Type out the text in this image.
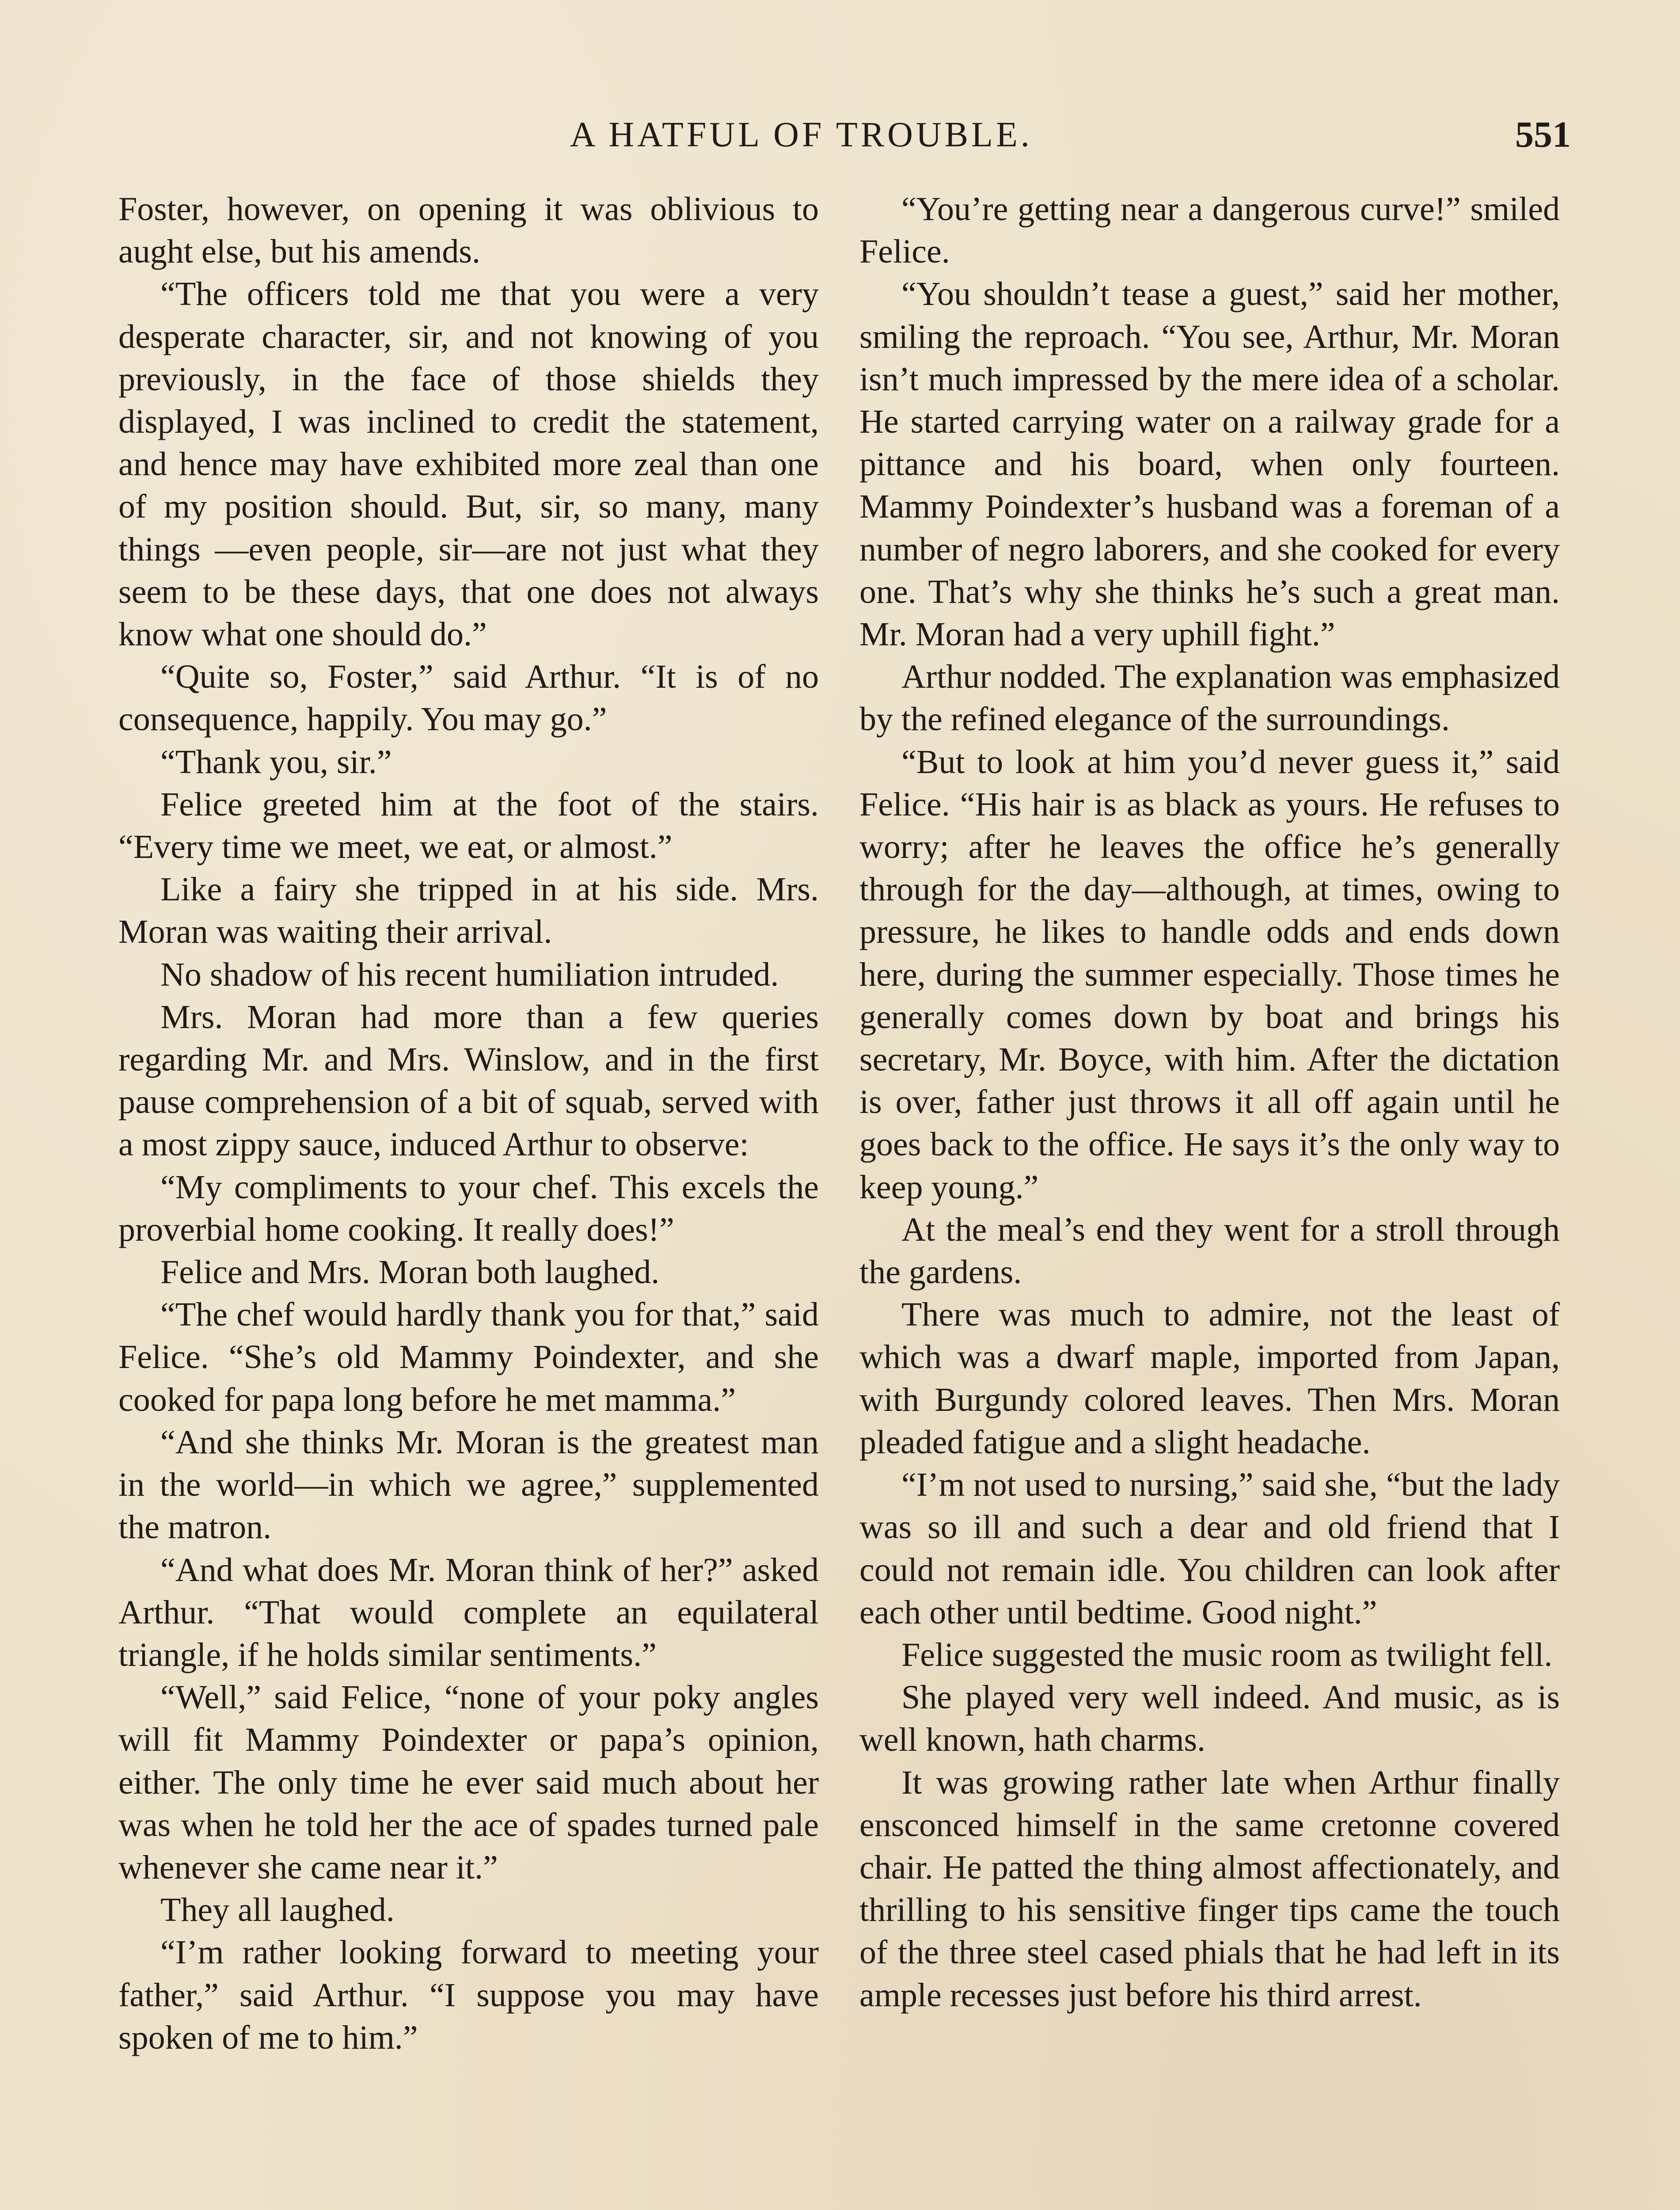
A HATFUL OF TROUBLE.	551

Foster, however, on opening it was oblivious to aught else, but his amends.

“The officers told me that you were a very desperate character, sir, and not knowing of you previously, in the face of those shields they displayed, I was inclined to credit the statement, and hence may have exhibited more zeal than one of my position should. But, sir, so many, many things —even people, sir—are not just what they seem to be these days, that one does not always know what one should do.”

“Quite so, Foster,” said Arthur. “It is of no consequence, happily. You may go.”

“Thank you, sir.”

Felice greeted him at the foot of the stairs. “Every time we meet, we eat, or almost.”

Like a fairy she tripped in at his side. Mrs. Moran was waiting their arrival.

No shadow of his recent humiliation intruded.

Mrs. Moran had more than a few queries regarding Mr. and Mrs. Winslow, and in the first pause comprehension of a bit of squab, served with a most zippy sauce, induced Arthur to observe:

“My compliments to your chef. This excels the proverbial home cooking. It really does!”

Felice and Mrs. Moran both laughed.

“The chef would hardly thank you for that,” said Felice. “She’s old Mammy Poindexter, and she cooked for papa long before he met mamma.”

“And she thinks Mr. Moran is the greatest man in the world—in which we agree,” supplemented the matron.

“And what does Mr. Moran think of her?” asked Arthur. “That would complete an equilateral triangle, if he holds similar sentiments.”

“Well,” said Felice, “none of your poky angles will fit Mammy Poindexter or papa’s opinion, either. The only time he ever said much about her was when he told her the ace of spades turned pale whenever she came near it.”

They all laughed.

“I’m rather looking forward to meeting your father,” said Arthur. “I suppose you may have spoken of me to him.”

“You’re getting near a dangerous curve!” smiled Felice.

“You shouldn’t tease a guest,” said her mother, smiling the reproach. “You see, Arthur, Mr. Moran isn’t much impressed by the mere idea of a scholar. He started carrying water on a railway grade for a pittance and his board, when only fourteen. Mammy Poindexter’s husband was a foreman of a number of negro laborers, and she cooked for every one. That’s why she thinks he’s such a great man. Mr. Moran had a very uphill fight.”

Arthur nodded. The explanation was emphasized by the refined elegance of the surroundings.

“But to look at him you’d never guess it,” said Felice. “His hair is as black as yours. He refuses to worry; after he leaves the office he’s generally through for the day—although, at times, owing to pressure, he likes to handle odds and ends down here, during the summer especially. Those times he generally comes down by boat and brings his secretary, Mr. Boyce, with him. After the dictation is over, father just throws it all off again until he goes back to the office. He says it’s the only way to keep young.”

At the meal’s end they went for a stroll through the gardens.

There was much to admire, not the least of which was a dwarf maple, imported from Japan, with Burgundy colored leaves. Then Mrs. Moran pleaded fatigue and a slight headache.

“I’m not used to nursing,” said she, “but the lady was so ill and such a dear and old friend that I could not remain idle. You children can look after each other until bedtime. Good night.”

Felice suggested the music room as twilight fell.

She played very well indeed. And music, as is well known, hath charms.

It was growing rather late when Arthur finally ensconced himself in the same cretonne covered chair. He patted the thing almost affectionately, and thrilling to his sensitive finger tips came the touch of the three steel cased phials that he had left in its ample recesses just before his third arrest.
